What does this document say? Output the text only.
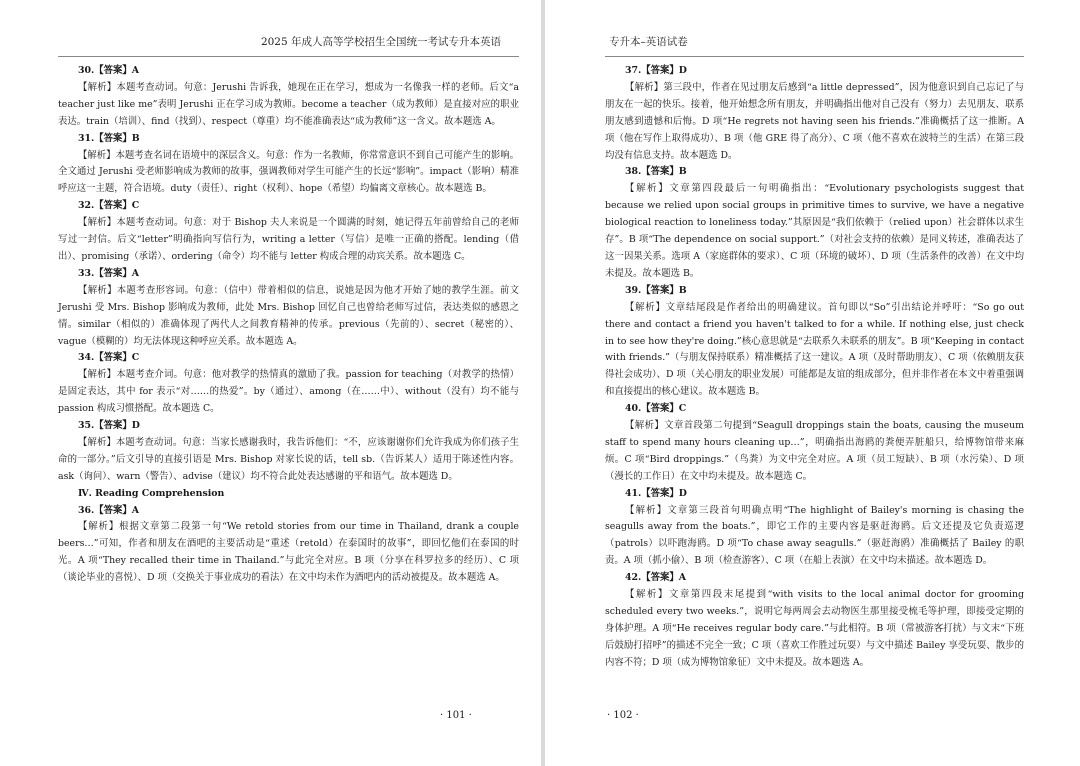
2025 年成人高等学校招生全国统一考试专升本英语

30.【答案】A

【解析】本题考查动词。句意：Jerushi 告诉我，她现在正在学习，想成为一名像我一样的老师。后文“a teacher just like me”表明 Jerushi 正在学习成为教师。become a teacher（成为教师）是直接对应的职业表达。train（培训）、find（找到）、respect（尊重）均不能准确表达“成为教师”这一含义。故本题选 A。

31.【答案】B

【解析】本题考查名词在语境中的深层含义。句意：作为一名教师，你常常意识不到自己可能产生的影响。全文通过 Jerushi 受老师影响成为教师的故事，强调教师对学生可能产生的长远“影响”。impact（影响）精准呼应这一主题，符合语境。duty（责任）、right（权利）、hope（希望）均偏离文章核心。故本题选 B。

32.【答案】C

【解析】本题考查动词。句意：对于 Bishop 夫人来说是一个圆满的时刻，她记得五年前曾给自己的老师写过一封信。后文“letter”明确指向写信行为，writing a letter（写信）是唯一正确的搭配。lending（借出）、promising（承诺）、ordering（命令）均不能与 letter 构成合理的动宾关系。故本题选 C。

33.【答案】A

【解析】本题考查形容词。句意：（信中）带着相似的信息，说她是因为他才开始了她的教学生涯。前文 Jerushi 受 Mrs. Bishop 影响成为教师，此处 Mrs. Bishop 回忆自己也曾给老师写过信，表达类似的感恩之情。similar（相似的）准确体现了两代人之间教育精神的传承。previous（先前的）、secret（秘密的）、vague（模糊的）均无法体现这种呼应关系。故本题选 A。

34.【答案】C

【解析】本题考查介词。句意：他对教学的热情真的激励了我。passion for teaching（对教学的热情）是固定表达，其中 for 表示“对……的热爱”。by（通过）、among（在……中）、without（没有）均不能与 passion 构成习惯搭配。故本题选 C。

35.【答案】D

【解析】本题考查动词。句意：当家长感谢我时，我告诉他们：“不，应该谢谢你们允许我成为你们孩子生命的一部分。”后文引导的直接引语是 Mrs. Bishop 对家长说的话，tell sb.（告诉某人）适用于陈述性内容。ask（询问）、warn（警告）、advise（建议）均不符合此处表达感谢的平和语气。故本题选 D。

Ⅳ. Reading Comprehension

36.【答案】A

【解析】根据文章第二段第一句“We retold stories from our time in Thailand, drank a couple beers…”可知，作者和朋友在酒吧的主要活动是“重述（retold）在泰国时的故事”，即回忆他们在泰国的时光。A 项“They recalled their time in Thailand.”与此完全对应。B 项（分享在科罗拉多的经历）、C 项（谈论毕业的喜悦）、D 项（交换关于事业成功的看法）在文中均未作为酒吧内的活动被提及。故本题选 A。

· 101 ·
专升本–英语试卷

37.【答案】D

【解析】第三段中，作者在见过朋友后感到“a little depressed”，因为他意识到自己忘记了与朋友在一起的快乐。接着，他开始想念所有朋友，并明确指出他对自己没有（努力）去见朋友、联系朋友感到遗憾和后悔。D 项“He regrets not having seen his friends.”准确概括了这一推断。A 项（他在写作上取得成功）、B 项（他 GRE 得了高分）、C 项（他不喜欢在波特兰的生活）在第三段均没有信息支持。故本题选 D。

38.【答案】B

【解析】文章第四段最后一句明确指出：“Evolutionary psychologists suggest that because we relied upon social groups in primitive times to survive, we have a negative biological reaction to loneliness today.”其原因是“我们依赖于（relied upon）社会群体以求生存”。B 项“The dependence on social support.”（对社会支持的依赖）是同义转述，准确表达了这一因果关系。选项 A（家庭群体的要求）、C 项（环境的破坏）、D 项（生活条件的改善）在文中均未提及。故本题选 B。

39.【答案】B

【解析】文章结尾段是作者给出的明确建议。首句即以“So”引出结论并呼吁：“So go out there and contact a friend you haven't talked to for a while. If nothing else, just check in to see how they're doing.”核心意思就是“去联系久未联系的朋友”。B 项“Keeping in contact with friends.”（与朋友保持联系）精准概括了这一建议。A 项（及时帮助朋友）、C 项（依赖朋友获得社会成功）、D 项（关心朋友的职业发展）可能都是友谊的组成部分，但并非作者在本文中着重强调和直接提出的核心建议。故本题选 B。

40.【答案】C

【解析】文章首段第二句提到“Seagull droppings stain the boats, causing the museum staff to spend many hours cleaning up…”，明确指出海鸥的粪便弄脏船只，给博物馆带来麻烦。C 项“Bird droppings.”（鸟粪）为文中完全对应。A 项（员工短缺）、B 项（水污染）、D 项（漫长的工作日）在文中均未提及。故本题选 C。

41.【答案】D

【解析】文章第三段首句明确点明“The highlight of Bailey's morning is chasing the seagulls away from the boats.”，即它工作的主要内容是驱赶海鸥。后文还提及它负责巡逻（patrols）以吓跑海鸥。D 项“To chase away seagulls.”（驱赶海鸥）准确概括了 Bailey 的职责。A 项（抓小偷）、B 项（检查游客）、C 项（在船上表演）在文中均未描述。故本题选 D。

42.【答案】A

【解析】文章第四段末尾提到“with visits to the local animal doctor for grooming scheduled every two weeks.”，说明它每两周会去动物医生那里接受梳毛等护理，即接受定期的身体护理。A 项“He receives regular body care.”与此相符。B 项（常被游客打扰）与文末“下班后鼓励打招呼”的描述不完全一致；C 项（喜欢工作胜过玩耍）与文中描述 Bailey 享受玩耍、散步的内容不符；D 项（成为博物馆象征）文中未提及。故本题选 A。

· 102 ·
